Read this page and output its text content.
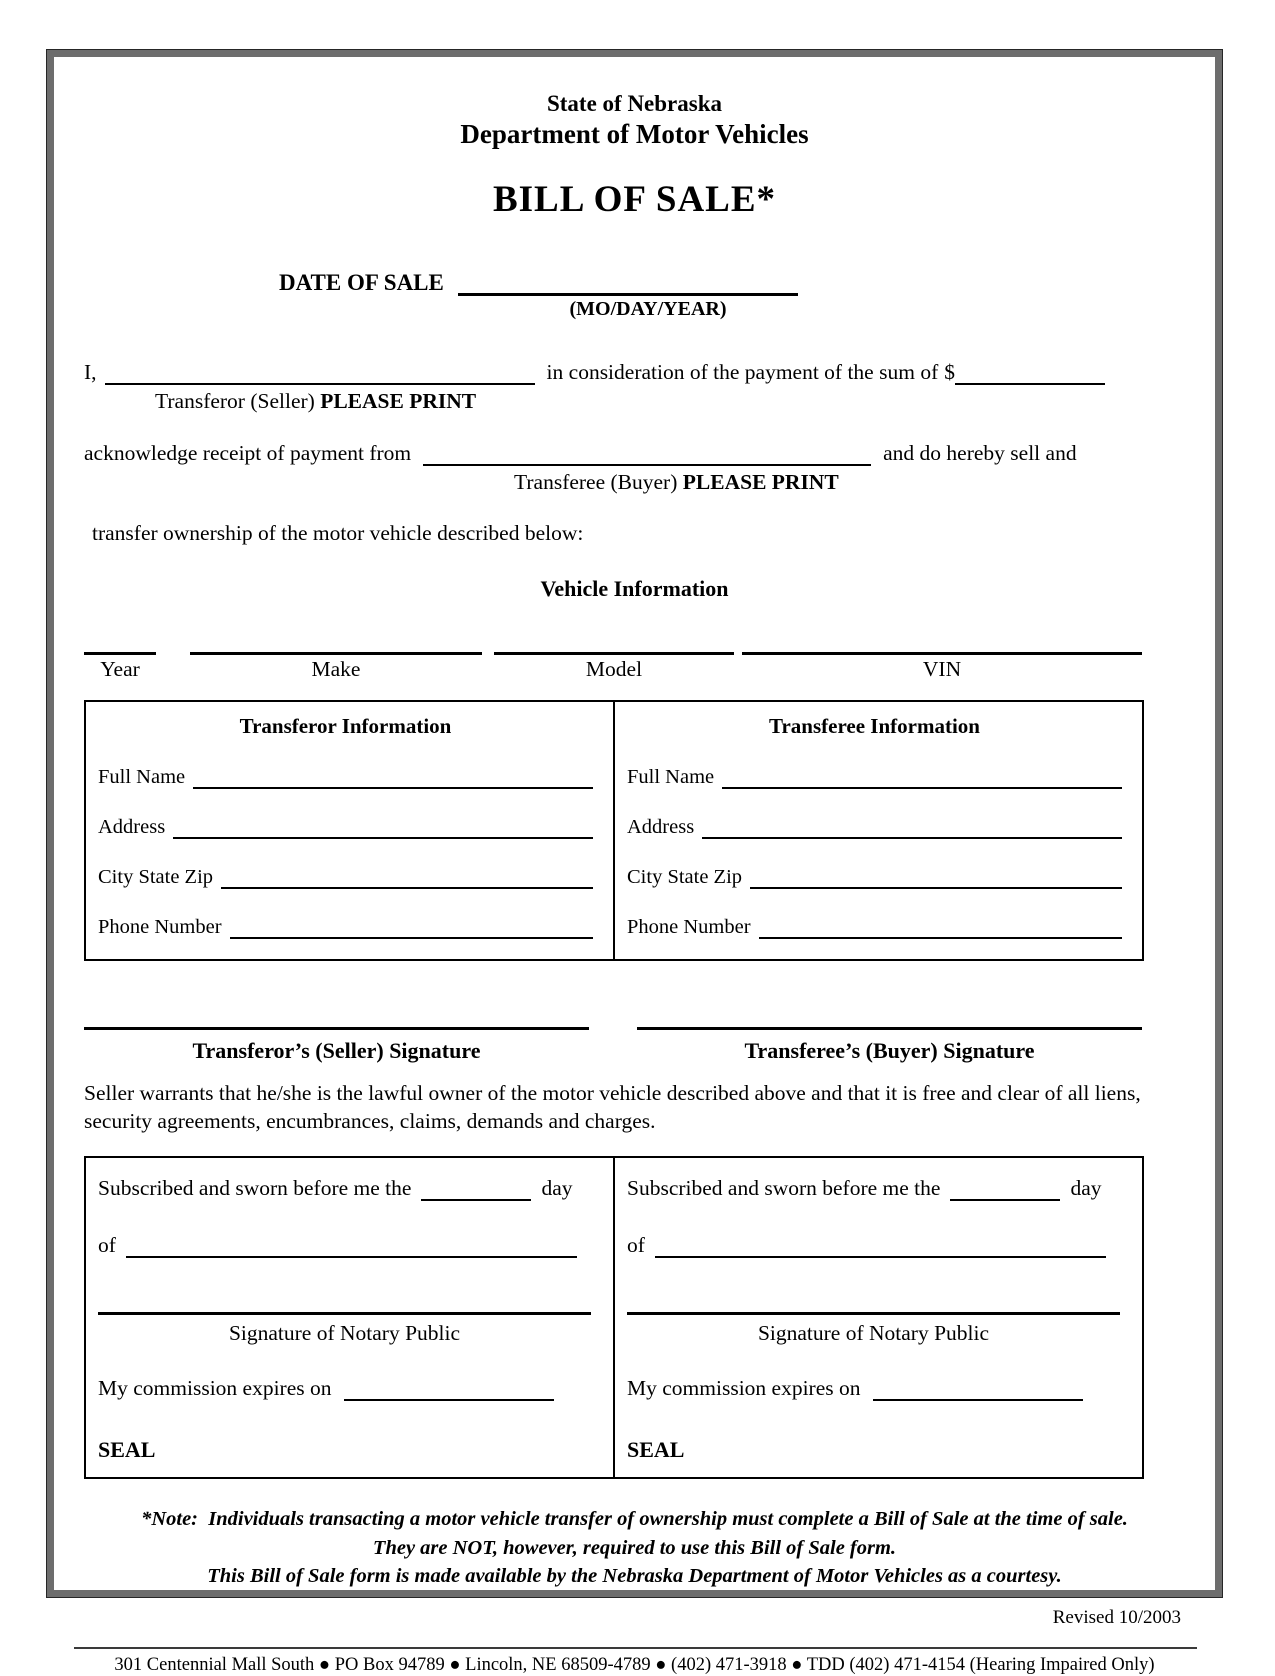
State of Nebraska
Department of Motor Vehicles
BILL OF SALE*
DATE OF SALE
(MO/DAY/YEAR)
I,	in consideration of the payment of the sum of $
Transferor (Seller) PLEASE PRINT
acknowledge receipt of payment from	and do hereby sell and
Transferee (Buyer) PLEASE PRINT
transfer ownership of the motor vehicle described below:
Vehicle Information
Year	Make	Model	VIN
Transferor Information
Full Name
Address
City State Zip
Phone Number
Transferee Information
Full Name
Address
City State Zip
Phone Number
Transferor’s (Seller) Signature	Transferee’s (Buyer) Signature
Seller warrants that he/she is the lawful owner of the motor vehicle described above and that it is free and clear of all liens, security agreements, encumbrances, claims, demands and charges.
Subscribed and sworn before me the	day
of
Signature of Notary Public
My commission expires on
SEAL
Subscribed and sworn before me the	day
of
Signature of Notary Public
My commission expires on
SEAL
*Note:  Individuals transacting a motor vehicle transfer of ownership must complete a Bill of Sale at the time of sale.
They are NOT, however, required to use this Bill of Sale form.
This Bill of Sale form is made available by the Nebraska Department of Motor Vehicles as a courtesy.
Revised 10/2003
301 Centennial Mall South ● PO Box 94789 ● Lincoln, NE 68509-4789 ● (402) 471-3918 ● TDD (402) 471-4154 (Hearing Impaired Only)
